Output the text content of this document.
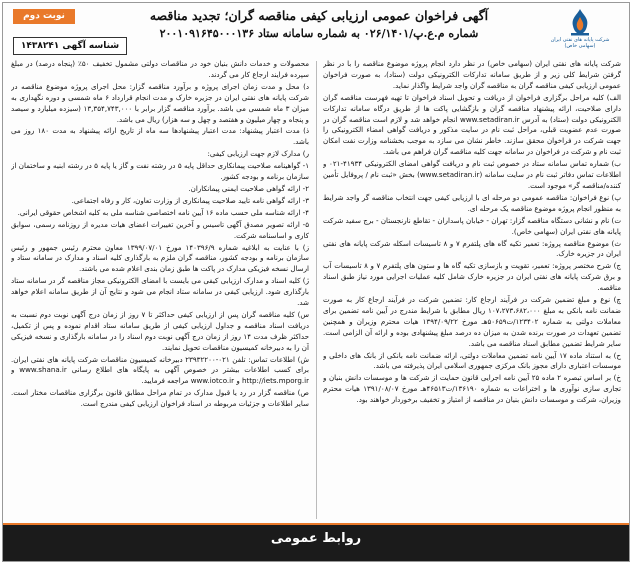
شرکت پایانه های نفتی ایران
(سهامی خاص)
آگهی فراخوان عمومی ارزیابی کیفی مناقصه گران؛ تجدید مناقصه
شماره م.ع.پ/۰۲۶/۱۴۰۱ به شماره سامانه ستاد ۲۰۰۱۰۹۱۶۴۵۰۰۰۱۳۶
نوبت دوم
شناسه آگهی ۱۴۳۸۲۴۱

شرکت پایانه های نفتی ایران (سهامی خاص) در نظر دارد انجام پروژه موضوع مناقصه را با در نظر گرفتن شرایط کلی زیر و از طریق سامانه تدارکات الکترونیکی دولت (ستاد)، به صورت فراخوان عمومی ارزیابی کیفی مناقصه گران به مناقصه گران واجد شرایط واگذار نماید.

الف) کلیه مراحل برگزاری فراخوان از دریافت و تحویل اسناد فراخوان تا تهیه فهرست مناقصه گران دارای صلاحیت، ارائه پیشنهاد مناقصه گران و بازگشایی پاکت ها از طریق درگاه سامانه تدارکات الکترونیکی دولت (ستاد) به آدرس www.setadiran.ir انجام خواهد شد و لازم است مناقصه گران در صورت عدم عضویت قبلی، مراحل ثبت نام در سایت مذکور و دریافت گواهی امضاء الکترونیکی را جهت شرکت در فراخوان محقق سازند. خاطر نشان می سازد به موجب بخشنامه وزارت نفت امکان ثبت نام و شرکت در فراخوان در سامانه جهت کلیه مناقصه گران فراهم می باشد.

ب) شماره تماس سامانه ستاد در خصوص ثبت نام و دریافت گواهی امضای الکترونیکی ۴۱۹۳۴-۰۲۱ و اطلاعات تماس دفاتر ثبت نام در سایت سامانه (www.setadiran.ir) بخش «ثبت نام / پروفایل تأمین کننده/مناقصه گر» موجود است.

پ) نوع فراخوان: مناقصه عمومی دو مرحله ای با ارزیابی کیفی جهت انتخاب مناقصه گر واجد شرایط به منظور انجام پروژه موضوع مناقصه یک مرحله ای.

ت) نام و نشانی دستگاه مناقصه گزار: تهران - خیابان پاسداران - تقاطع نارنجستان - برج سفید شرکت پایانه های نفتی ایران (سهامی خاص).

ث) موضوع مناقصه پروژه: تعمیر تکیه گاه های پلتفرم ۷ و ۸ تاسیسات اسکله شرکت پایانه های نفتی ایران در جزیره خارک.

ج) شرح مختصر پروژه: تعمیر، تقویت و بازسازی تکیه گاه ها و ستون های پلتفرم ۷ و ۸ تاسیسات آب و برق شرکت پایانه های نفتی ایران در جزیره خارک شامل کلیه عملیات اجرایی مورد نیاز طبق اسناد مناقصه.

چ) نوع و مبلغ تضمین شرکت در فرآیند ارجاع کار: تضمین شرکت در فرآیند ارجاع کار به صورت ضمانت نامه بانکی به مبلغ ۱۰۷،۲۷۳،۶۸۲،۰۰۰ ریال مطابق با شرایط مندرج در آیین نامه تضمین برای معاملات دولتی به شماره ۱۲۳۴۰۲/ت۵۰۶۵۹هـ مورخ ۱۳۹۴/۰۹/۲۲ هیات محترم وزیران و همچنین تضمین تعهدات در صورت برنده شدن به میزان ده درصد مبلغ پیشنهادی بوده و ارائه آن الزامی است. سایر شرایط تضمین مطابق اسناد مناقصه می باشد.

ح) به استناد ماده ۱۷ آیین نامه تضمین معاملات دولتی، ارائه ضمانت نامه بانکی از بانک های داخلی و موسسات اعتباری دارای مجوز بانک مرکزی جمهوری اسلامی ایران پذیرفته می باشد.

خ) بر اساس تبصره ۲ ماده ۲۵ آیین نامه اجرایی قانون حمایت از شرکت ها و موسسات دانش بنیان و تجاری سازی نوآوری ها و اختراعات به شماره ۱۳۶۱۹۰/ت۴۶۵۱۳هـ مورخ ۱۳۹۱/۰۸/۰۷ هیات محترم وزیران، شرکت و موسسات دانش بنیان در مناقصه از امتیاز و تخفیف برخوردار خواهند بود.

محصولات و خدمات دانش بنیان خود در مناقصات دولتی مشمول تخفیف ۵۰٪ (پنجاه درصد) در مبلغ سپرده فرایند ارجاع کار می گردند.

د) محل و مدت زمان اجرای پروژه و برآورد مناقصه گزار: محل اجرای پروژه موضوع مناقصه در شرکت پایانه های نفتی ایران در جزیره خارک و مدت انجام قرارداد ۶ ماه شمسی و دوره نگهداری به میزان ۳ ماه شمسی می باشد. برآورد مناقصه گزار برابر با ۱۳,۳۵۴,۷۴۳,۰۰۰ (سیزده میلیارد و سیصد و پنجاه و چهار میلیون و هفتصد و چهل و سه هزار) ریال می باشد.

ذ) مدت اعتبار پیشنهاد: مدت اعتبار پیشنهادها سه ماه از تاریخ ارائه پیشنهاد به مدت ۱۸۰ روز می باشد.

ر) مدارک لازم جهت ارزیابی کیفی:

۱- گواهینامه صلاحیت پیمانکاری حداقل پایه ۵ در رشته نفت و گاز یا پایه ۵ در رشته ابنیه و ساختمان از سازمان برنامه و بودجه کشور.

۲- ارائه گواهی صلاحیت ایمنی پیمانکاران.

۳- ارائه گواهی نامه تایید صلاحیت پیمانکاری از وزارت تعاون، کار و رفاه اجتماعی.

۴- ارائه شناسه ملی حسب ماده ۱۶ آیین نامه اختصاصی شناسه ملی به کلیه اشخاص حقوقی ایرانی.

۵- ارائه تصویر مصدق آگهی تاسیس و آخرین تغییرات اعضای هیات مدیره از روزنامه رسمی، سوابق کاری و اساسنامه شرکت.

ز) با عنایت به ابلاغیه شماره ۱۴۰۳۹۶/۹ مورخ ۱۳۹۹/۰۷/۰۱ معاون محترم رئیس جمهور و رئیس سازمان برنامه و بودجه کشور، مناقصه گران ملزم به بارگذاری کلیه اسناد و مدارک در سامانه ستاد و ارسال نسخه فیزیکی مدارک در پاکت ها طبق زمان بندی اعلام شده می باشند.

ژ) کلیه اسناد و مدارک ارزیابی کیفی می بایست با امضای الکترونیکی مجاز مناقصه گر در سامانه ستاد بارگذاری شود. ارزیابی کیفی در سامانه ستاد انجام می شود و نتایج آن از طریق سامانه اعلام خواهد شد.

س) کلیه مناقصه گران پس از ارزیابی کیفی حداکثر تا ۷ روز از زمان درج آگهی نوبت دوم نسبت به دریافت اسناد مناقصه و جداول ارزیابی کیفی از طریق سامانه ستاد اقدام نموده و پس از تکمیل، حداکثر ظرف مدت ۱۴ روز از زمان درج آگهی نوبت دوم اسناد را در سامانه بارگذاری و نسخه فیزیکی آن را به دبیرخانه کمیسیون مناقصات تحویل نمایند.

ش) اطلاعات تماس: تلفن ۰۲۱-۲۳۹۳۲۲۰۰ دبیرخانه کمیسیون مناقصات شرکت پایانه های نفتی ایران. برای کسب اطلاعات بیشتر در خصوص آگهی به پایگاه های اطلاع رسانی www.shana.ir و http://iets.mporg.ir و www.iotco.ir مراجعه فرمایید.

ص) مناقصه گزار در رد یا قبول مدارک در تمام مراحل مطابق قانون برگزاری مناقصات مختار است. سایر اطلاعات و جزئیات مربوطه در اسناد فراخوان ارزیابی کیفی مندرج است.

روابط عمومی
